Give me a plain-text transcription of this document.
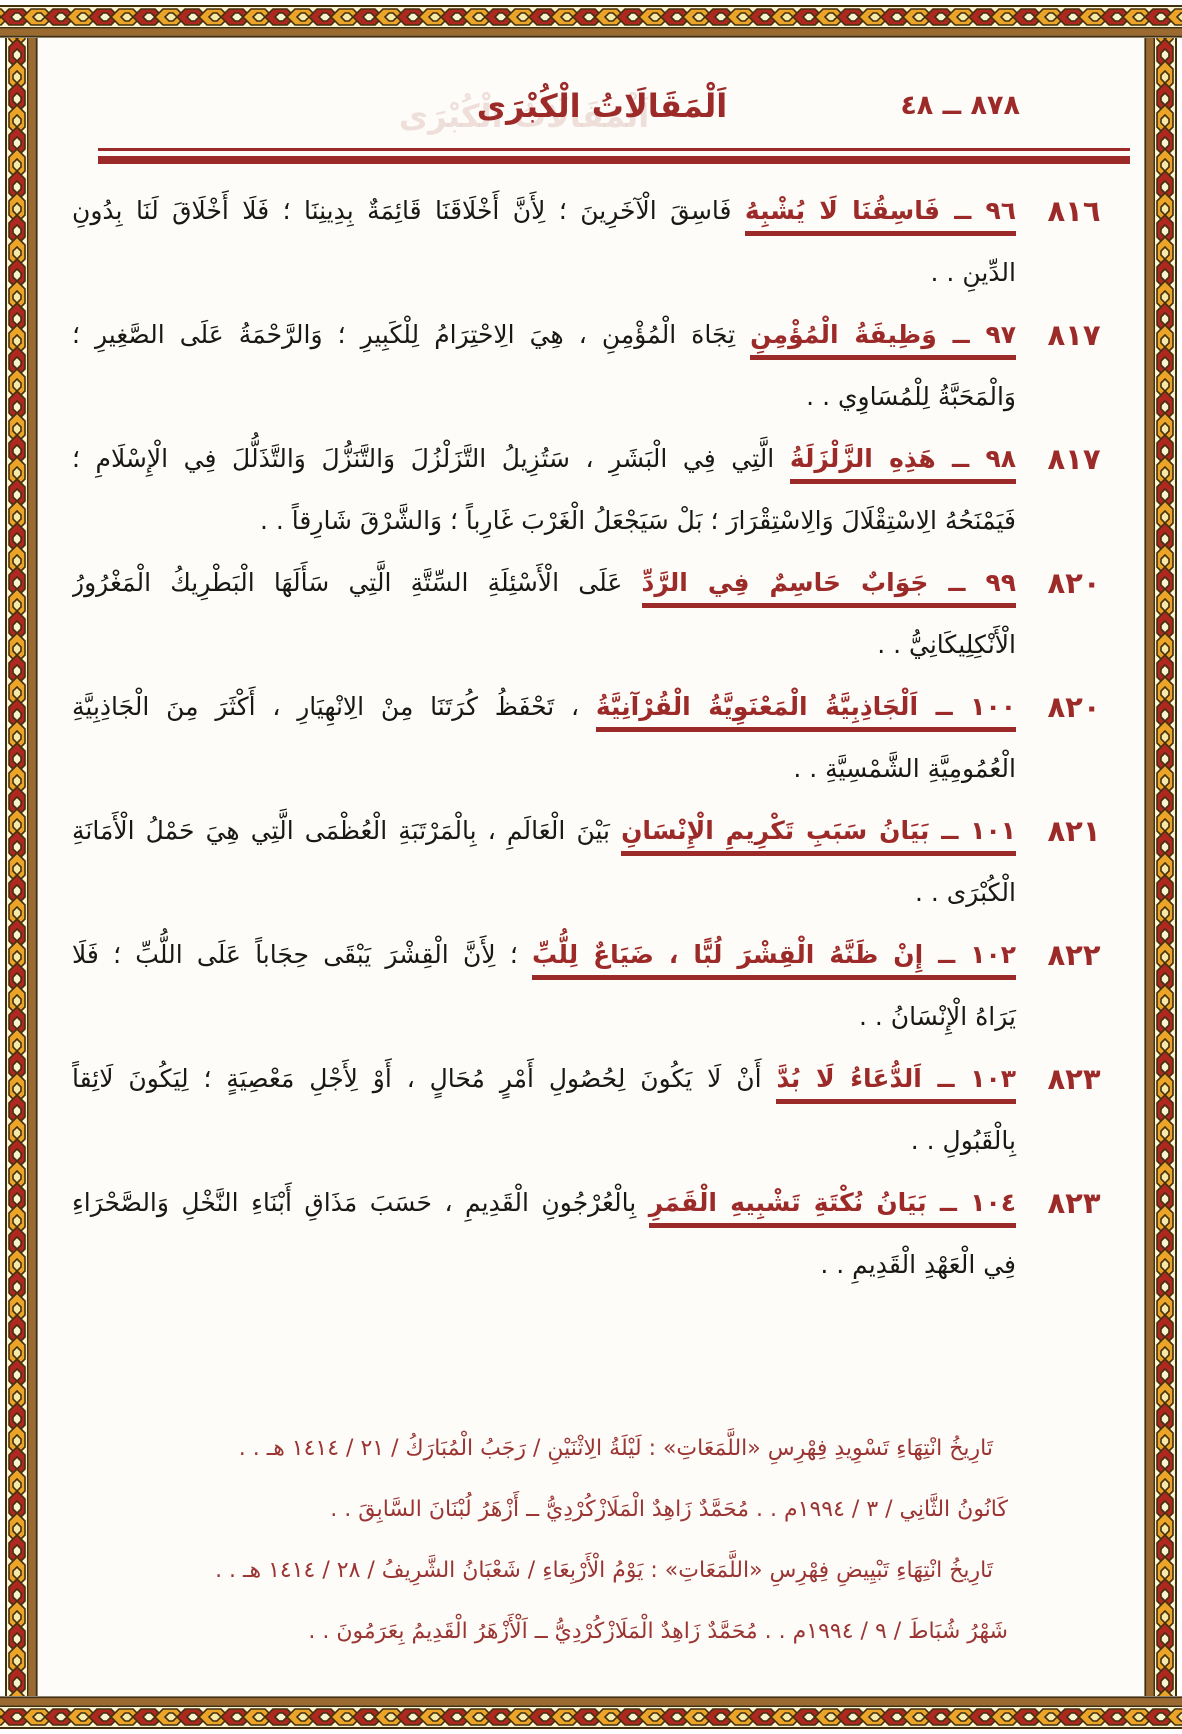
٨٧٨ ــ ٤٨
اَلْمَقَالَاتُ الْكُبْرَى
٨١٦
٩٦ ــ فَاسِقُنَا لَا يُشْبِهُ فَاسِقَ الْآخَرِينَ ؛ لِأَنَّ أَخْلَاقَنَا قَائِمَةٌ بِدِينِنَا ؛ فَلَا أَخْلَاقَ لَنَا بِدُونِ
الدِّينِ . .
٨١٧
٩٧ ــ وَظِيفَةُ الْمُؤْمِنِ تِجَاهَ الْمُؤْمِنِ ، هِيَ الِاحْتِرَامُ لِلْكَبِيرِ ؛ وَالرَّحْمَةُ عَلَى الصَّغِيرِ ؛
وَالْمَحَبَّةُ لِلْمُسَاوِي . .
٨١٧
٩٨ ــ هَذِهِ الزَّلْزَلَةُ الَّتِي فِي الْبَشَرِ ، سَتُزِيلُ التَّزَلْزُلَ وَالتَّنَزُّلَ وَالتَّذَلُّلَ فِي الْإِسْلَامِ ؛
فَيَمْنَحُهُ الِاسْتِقْلَالَ وَالِاسْتِقْرَارَ ؛ بَلْ سَيَجْعَلُ الْغَرْبَ غَارِباً ؛ وَالشَّرْقَ شَارِقاً . .
٨٢٠
٩٩ ــ جَوَابٌ حَاسِمٌ فِي الرَّدِّ عَلَى الْأَسْئِلَةِ السِّتَّةِ الَّتِي سَأَلَهَا الْبَطْرِيكُ الْمَغْرُورُ
الْأَنْكِلِيكَانِيُّ . .
٨٢٠
١٠٠ ــ اَلْجَاذِبِيَّةُ الْمَعْنَوِيَّةُ الْقُرْآنِيَّةُ ، تَحْفَظُ كُرَتَنَا مِنْ الِانْهِيَارِ ، أَكْثَرَ مِنَ الْجَاذِبِيَّةِ
الْعُمُومِيَّةِ الشَّمْسِيَّةِ . .
٨٢١
١٠١ ــ بَيَانُ سَبَبِ تَكْرِيمِ الْإِنْسَانِ بَيْنَ الْعَالَمِ ، بِالْمَرْتَبَةِ الْعُظْمَى الَّتِي هِيَ حَمْلُ الْأَمَانَةِ
الْكُبْرَى . .
٨٢٢
١٠٢ ــ إِنْ ظَنَّهُ الْقِشْرَ لُبًّا ، ضَيَاعٌ لِلُّبِّ ؛ لِأَنَّ الْقِشْرَ يَبْقَى حِجَاباً عَلَى اللُّبِّ ؛ فَلَا
يَرَاهُ الْإِنْسَانُ . .
٨٢٣
١٠٣ ــ اَلدُّعَاءُ لَا بُدَّ أَنْ لَا يَكُونَ لِحُصُولِ أَمْرٍ مُحَالٍ ، أَوْ لِأَجْلِ مَعْصِيَةٍ ؛ لِيَكُونَ لَائِقاً
بِالْقَبُولِ . .
٨٢٣
١٠٤ ــ بَيَانُ نُكْتَةِ تَشْبِيهِ الْقَمَرِ بِالْعُرْجُونِ الْقَدِيمِ ، حَسَبَ مَذَاقِ أَبْنَاءِ النَّخْلِ وَالصَّحْرَاءِ
فِي الْعَهْدِ الْقَدِيمِ . .
تَارِيخُ انْتِهَاءِ تَسْوِيدِ فِهْرِسِ «اللَّمَعَاتِ» : لَيْلَةُ الِاثْنَيْنِ / رَجَبُ الْمُبَارَكُ / ٢١ / ١٤١٤ هـ . .
كَانُونُ الثَّانِي / ٣ / ١٩٩٤م . . مُحَمَّدٌ زَاهِدٌ الْمَلَازْكُرْدِيُّ ــ أَزْهَرُ لُبْنَانَ السَّابِقَ . .
تَارِيخُ انْتِهَاءِ تَبْيِيضِ فِهْرِسِ «اللَّمَعَاتِ» : يَوْمُ الْأَرْبِعَاءِ / شَعْبَانُ الشَّرِيفُ / ٢٨ / ١٤١٤ هـ . .
شَهْرُ شُبَاطَ / ٩ / ١٩٩٤م . . مُحَمَّدٌ زَاهِدٌ الْمَلَازْكُرْدِيُّ ــ اَلْأَزْهَرُ الْقَدِيمُ بِعَرَمُونَ . .
